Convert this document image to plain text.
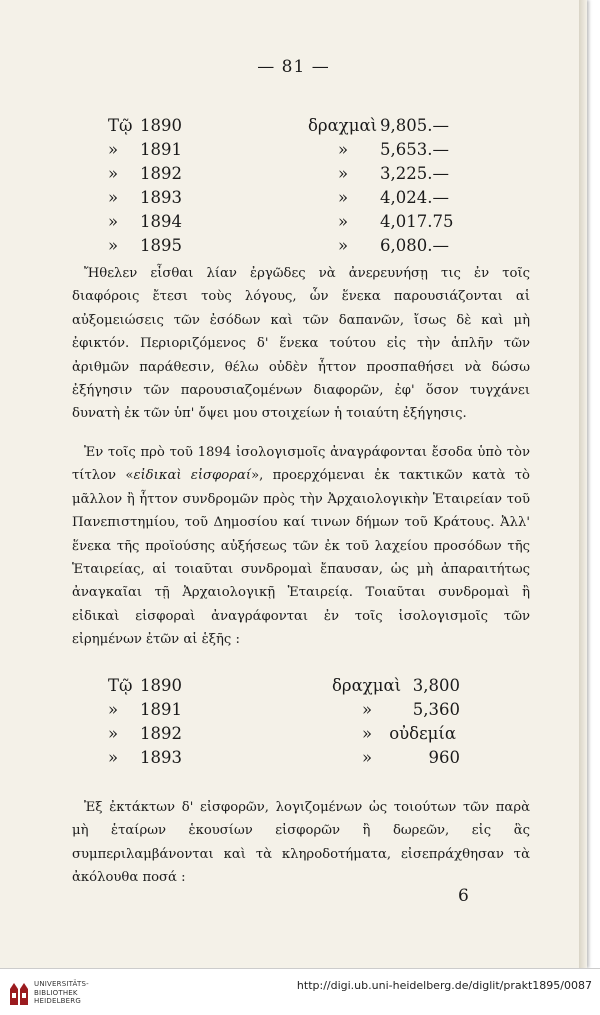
— 81 —
Τῷ 1890	δραχμαὶ 9,805.—
» 1891	» 5,653.—
» 1892	» 3,225.—
» 1893	» 4,024.—
» 1894	» 4,017.75
» 1895	» 6,080.—

Ἤθελεν εἶσθαι λίαν ἐργῶδες νὰ ἀνερευνήσῃ τις ἐν τοῖς διαφόροις ἔτεσι τοὺς λόγους, ὧν ἕνεκα παρουσιάζονται αἱ αὐξομειώσεις τῶν ἐσόδων καὶ τῶν δαπανῶν, ἴσως δὲ καὶ μὴ ἐφικτόν. Περιοριζόμενος δ' ἕνεκα τούτου εἰς τὴν ἁπλῆν τῶν ἀριθμῶν παράθεσιν, θέλω οὐδὲν ἧττον προσπαθήσει νὰ δώσω ἐξήγησιν τῶν παρουσιαζομένων διαφορῶν, ἐφ' ὅσον τυγχάνει δυνατὴ ἐκ τῶν ὑπ' ὄψει μου στοιχείων ἡ τοιαύτη ἐξήγησις.

Ἐν τοῖς πρὸ τοῦ 1894 ἰσολογισμοῖς ἀναγράφονται ἔσοδα ὑπὸ τὸν τίτλον «εἰδικαὶ εἰσφοραί», προερχόμεναι ἐκ τακτικῶν κατὰ τὸ μᾶλλον ἢ ἧττον συνδρομῶν πρὸς τὴν Ἀρχαιολογικὴν Ἑταιρείαν τοῦ Πανεπιστημίου, τοῦ Δημοσίου καί τινων δήμων τοῦ Κράτους. Ἀλλ' ἕνεκα τῆς προϊούσης αὐξήσεως τῶν ἐκ τοῦ λαχείου προσόδων τῆς Ἑταιρείας, αἱ τοιαῦται συνδρομαὶ ἔπαυσαν, ὡς μὴ ἀπαραιτήτως ἀναγκαῖαι τῇ Ἀρχαιολογικῇ Ἑταιρείᾳ. Τοιαῦται συνδρομαὶ ἢ εἰδικαὶ εἰσφοραὶ ἀναγράφονται ἐν τοῖς ἰσολογισμοῖς τῶν εἰρημένων ἐτῶν αἱ ἑξῆς :

Τῷ 1890	δραχμαὶ 3,800
» 1891	»	5,360
» 1892	» οὐδεμία
» 1893	»	960

Ἐξ ἐκτάκτων δ' εἰσφορῶν, λογιζομένων ὡς τοιούτων τῶν παρὰ μὴ ἑταίρων ἑκουσίων εἰσφορῶν ἢ δωρεῶν, εἰς ἃς συμπεριλαμβάνονται καὶ τὰ κληροδοτήματα, εἰσεπράχθησαν τὰ ἀκόλουθα ποσά :

6
UNIVERSITÄTS-
BIBLIOTHEK
HEIDELBERG
http://digi.ub.uni-heidelberg.de/diglit/prakt1895/0087
